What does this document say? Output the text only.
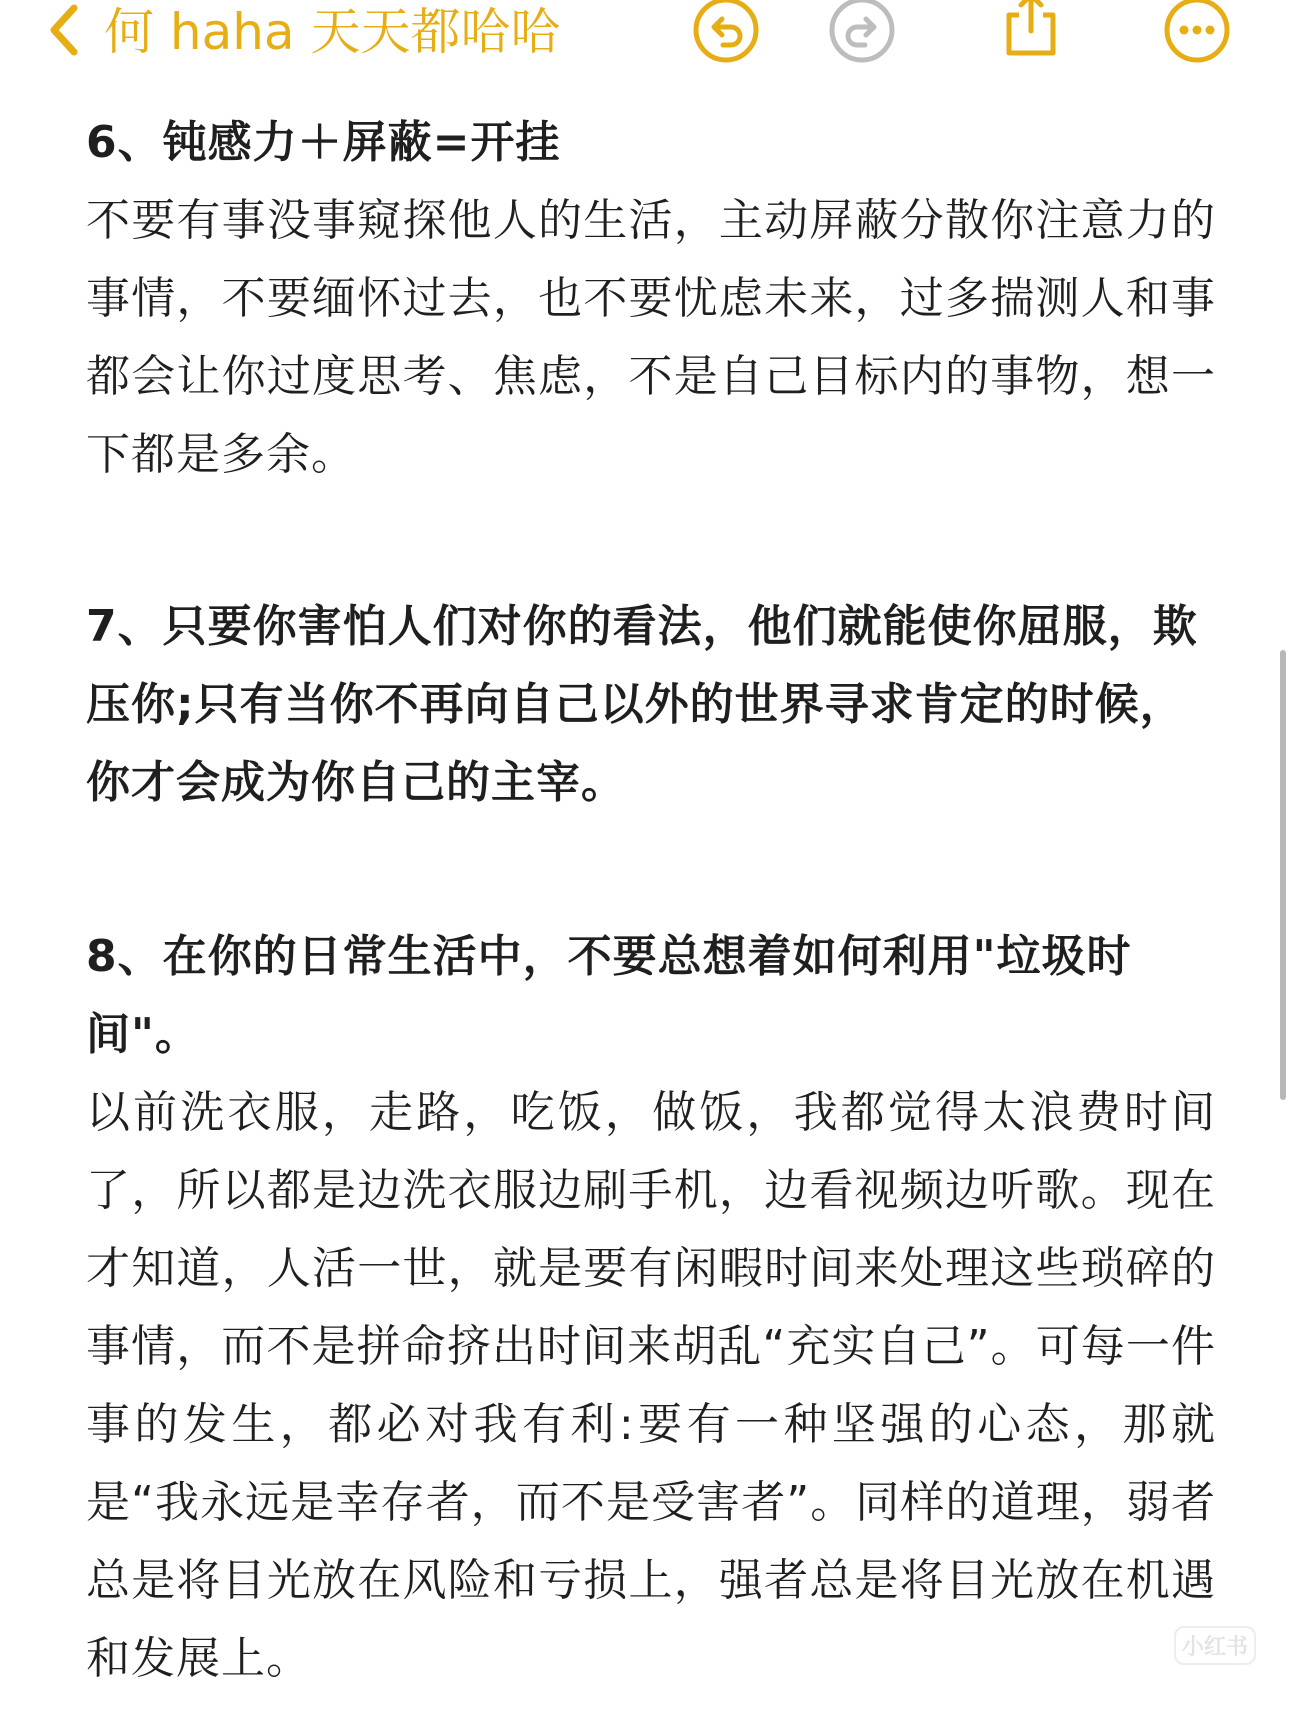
何 haha 天天都哈哈

6、钝感力＋屏蔽=开挂

不要有事没事窥探他人的生活，主动屏蔽分散你注意力的事情，不要缅怀过去，也不要忧虑未来，过多揣测人和事都会让你过度思考、焦虑，不是自己目标内的事物，想一下都是多余。

7、只要你害怕人们对你的看法，他们就能使你屈服，欺压你;只有当你不再向自己以外的世界寻求肯定的时候，你才会成为你自己的主宰。

8、在你的日常生活中，不要总想着如何利用"垃圾时间"。

以前洗衣服，走路，吃饭，做饭，我都觉得太浪费时间了，所以都是边洗衣服边刷手机，边看视频边听歌。现在才知道，人活一世，就是要有闲暇时间来处理这些琐碎的事情，而不是拼命挤出时间来胡乱“充实自己”。可每一件事的发生，都必对我有利:要有一种坚强的心态，那就是“我永远是幸存者，而不是受害者”。同样的道理，弱者总是将目光放在风险和亏损上，强者总是将目光放在机遇和发展上。	小红书
